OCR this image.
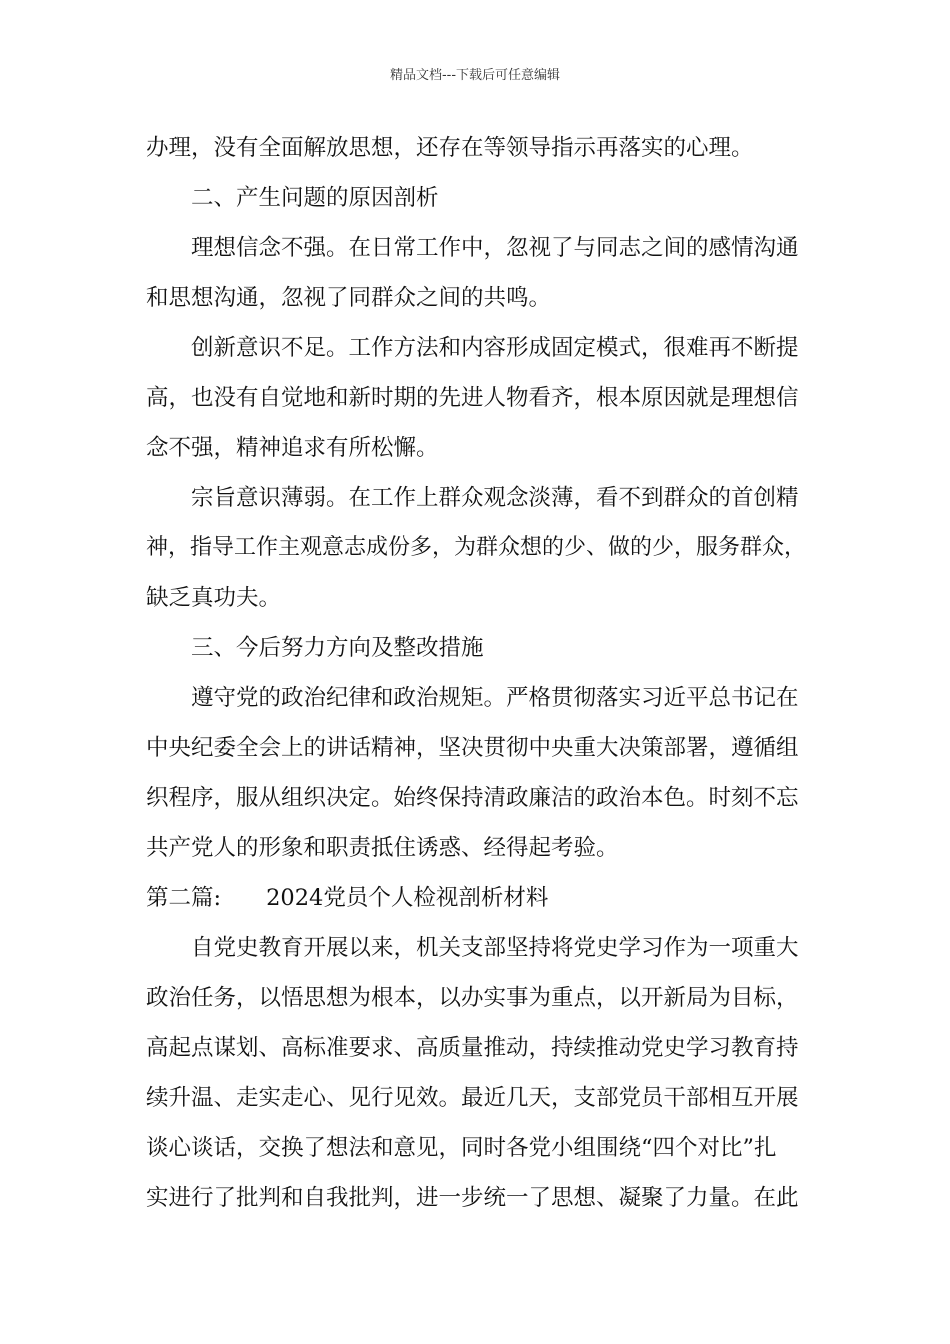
精品文档---下载后可任意编辑
办理，没有全面解放思想，还存在等领导指示再落实的心理。
二、产生问题的原因剖析
理想信念不强。在日常工作中，忽视了与同志之间的感情沟通
和思想沟通，忽视了同群众之间的共鸣。
创新意识不足。工作方法和内容形成固定模式，很难再不断提
高，也没有自觉地和新时期的先进人物看齐，根本原因就是理想信
念不强，精神追求有所松懈。
宗旨意识薄弱。在工作上群众观念淡薄，看不到群众的首创精
神，指导工作主观意志成份多，为群众想的少、做的少，服务群众，
缺乏真功夫。
三、今后努力方向及整改措施
遵守党的政治纪律和政治规矩。严格贯彻落实习近平总书记在
中央纪委全会上的讲话精神，坚决贯彻中央重大决策部署，遵循组
织程序，服从组织决定。始终保持清政廉洁的政治本色。时刻不忘
共产党人的形象和职责抵住诱惑、经得起考验。
第二篇:　　2024党员个人检视剖析材料
自党史教育开展以来，机关支部坚持将党史学习作为一项重大
政治任务，以悟思想为根本，以办实事为重点，以开新局为目标，
高起点谋划、高标准要求、高质量推动，持续推动党史学习教育持
续升温、走实走心、见行见效。最近几天，支部党员干部相互开展
谈心谈话，交换了想法和意见，同时各党小组围绕“四个对比”扎
实进行了批判和自我批判，进一步统一了思想、凝聚了力量。在此
